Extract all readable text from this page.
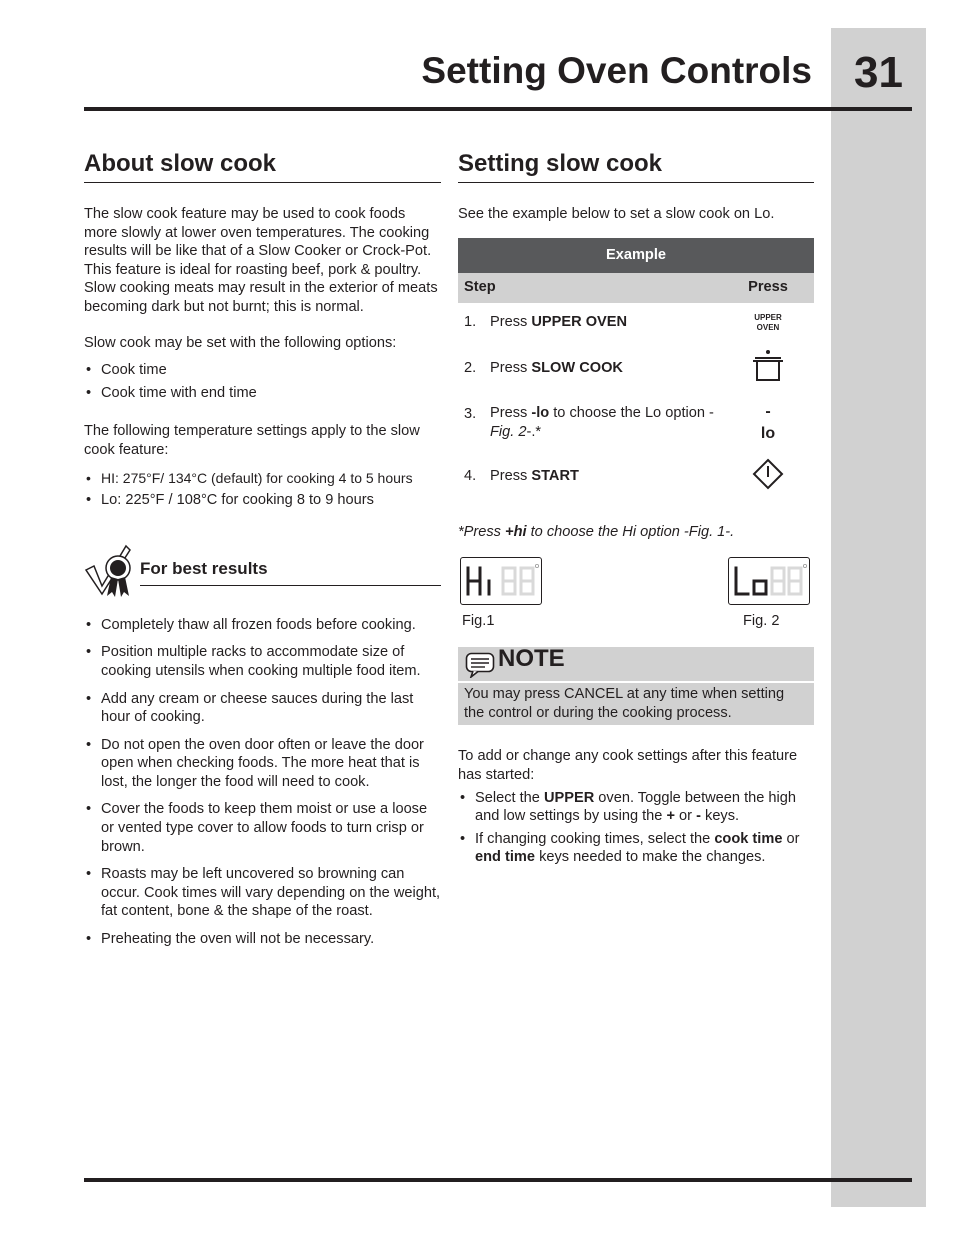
31
Setting Oven Controls
About slow cook

The slow cook feature may be used to cook foods more slowly at lower oven temperatures. The cooking results will be like that of a Slow Cooker or Crock-Pot. This feature is ideal for roasting beef, pork & poultry. Slow cooking meats may result in the exterior of meats becoming dark but not burnt; this is normal.

Slow cook may be set with the following options:

• Cook time
• Cook time with end time

The following temperature settings apply to the slow cook feature:

• HI: 275°F/ 134°C (default) for cooking 4 to 5 hours
• Lo: 225°F / 108°C for cooking 8 to 9 hours
For best results
• Completely thaw all frozen foods before cooking.
• Position multiple racks to accommodate size of cooking utensils when cooking multiple food item.
• Add any cream or cheese sauces during the last hour of cooking.
• Do not open the oven door often or leave the door open when checking foods. The more heat that is lost, the longer the food will need to cook.
• Cover the foods to keep them moist or use a loose or vented type cover to allow foods to turn crisp or brown.
• Roasts may be left uncovered so browning can occur. Cook times will vary depending on the weight, fat content, bone & the shape of the roast.
• Preheating the oven will not be necessary.
Setting slow cook

See the example below to set a slow cook on Lo.

Example		
Step		Press
1.	Press UPPER OVEN	UPPER
OVEN

2.	Press SLOW COOK	
3.	Press -lo to choose the Lo option -Fig. 2-.*	-
lo

4.	Press START	

*Press +hi to choose the Hi option -Fig. 1-.

Fig.1	Fig. 2
NOTE
You may press CANCEL at any time when setting the control or during the cooking process.

To add or change any cook settings after this feature has started:

• Select the UPPER oven. Toggle between the high and low settings by using the + or - keys.
• If changing cooking times, select the cook time or end time keys needed to make the changes.
